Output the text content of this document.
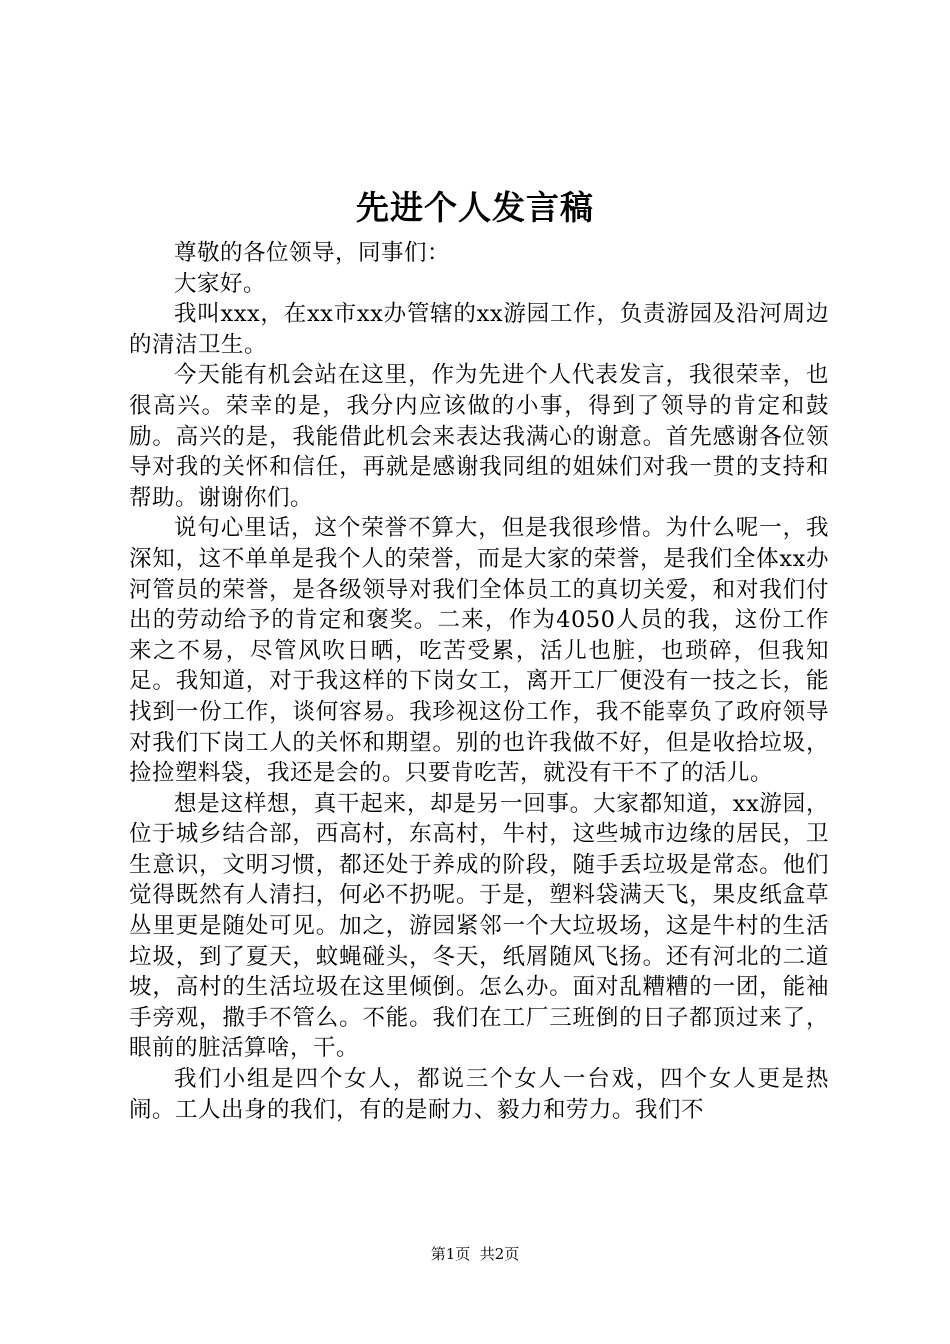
先进个人发言稿

尊敬的各位领导，同事们：

大家好。

我叫xxx，在xx市xx办管辖的xx游园工作，负责游园及沿河周边的清洁卫生。

今天能有机会站在这里，作为先进个人代表发言，我很荣幸，也很高兴。荣幸的是，我分内应该做的小事，得到了领导的肯定和鼓励。高兴的是，我能借此机会来表达我满心的谢意。首先感谢各位领导对我的关怀和信任，再就是感谢我同组的姐妹们对我一贯的支持和帮助。谢谢你们。

说句心里话，这个荣誉不算大，但是我很珍惜。为什么呢一，我深知，这不单单是我个人的荣誉，而是大家的荣誉，是我们全体xx办河管员的荣誉，是各级领导对我们全体员工的真切关爱，和对我们付出的劳动给予的肯定和褒奖。二来，作为4050人员的我，这份工作来之不易，尽管风吹日晒，吃苦受累，活儿也脏，也琐碎，但我知足。我知道，对于我这样的下岗女工，离开工厂便没有一技之长，能找到一份工作，谈何容易。我珍视这份工作，我不能辜负了政府领导对我们下岗工人的关怀和期望。别的也许我做不好，但是收拾垃圾，捡捡塑料袋，我还是会的。只要肯吃苦，就没有干不了的活儿。

想是这样想，真干起来，却是另一回事。大家都知道，xx游园，位于城乡结合部，西高村，东高村，牛村，这些城市边缘的居民，卫生意识，文明习惯，都还处于养成的阶段，随手丢垃圾是常态。他们觉得既然有人清扫，何必不扔呢。于是，塑料袋满天飞，果皮纸盒草丛里更是随处可见。加之，游园紧邻一个大垃圾场，这是牛村的生活垃圾，到了夏天，蚊蝇碰头，冬天，纸屑随风飞扬。还有河北的二道坡，高村的生活垃圾在这里倾倒。怎么办。面对乱糟糟的一团，能袖手旁观，撒手不管么。不能。我们在工厂三班倒的日子都顶过来了，眼前的脏活算啥，干。

我们小组是四个女人，都说三个女人一台戏，四个女人更是热闹。工人出身的我们，有的是耐力、毅力和劳力。我们不

第1页  共2页
